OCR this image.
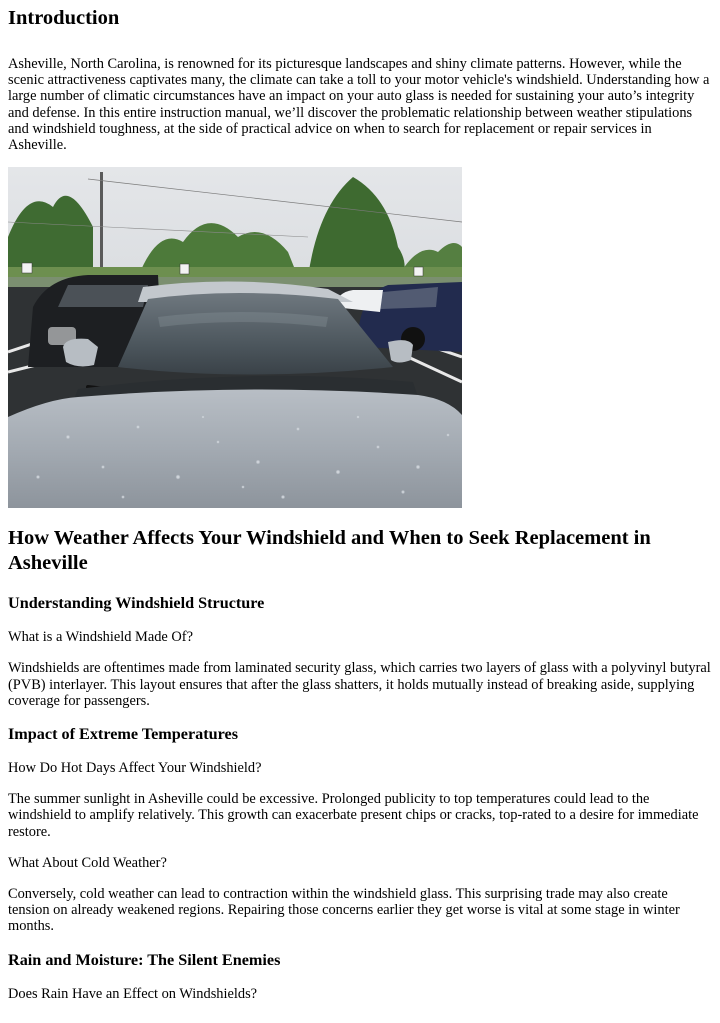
Introduction

Asheville, North Carolina, is renowned for its picturesque landscapes and shiny climate patterns. However, while the scenic attractiveness captivates many, the climate can take a toll to your motor vehicle's windshield. Understanding how a large number of climatic circumstances have an impact on your auto glass is needed for sustaining your auto’s integrity and defense. In this entire instruction manual, we’ll discover the problematic relationship between weather stipulations and windshield toughness, at the side of practical advice on when to search for replacement or repair services in Asheville.

How Weather Affects Your Windshield and When to Seek Replacement in Asheville
Understanding Windshield Structure

What is a Windshield Made Of?

Windshields are oftentimes made from laminated security glass, which carries two layers of glass with a polyvinyl butyral (PVB) interlayer. This layout ensures that after the glass shatters, it holds mutually instead of breaking aside, supplying coverage for passengers.

Impact of Extreme Temperatures

How Do Hot Days Affect Your Windshield?

The summer sunlight in Asheville could be excessive. Prolonged publicity to top temperatures could lead to the windshield to amplify relatively. This growth can exacerbate present chips or cracks, top-rated to a desire for immediate restore.

What About Cold Weather?

Conversely, cold weather can lead to contraction within the windshield glass. This surprising trade may also create tension on already weakened regions. Repairing those concerns earlier they get worse is vital at some stage in winter months.

Rain and Moisture: The Silent Enemies

Does Rain Have an Effect on Windshields?
